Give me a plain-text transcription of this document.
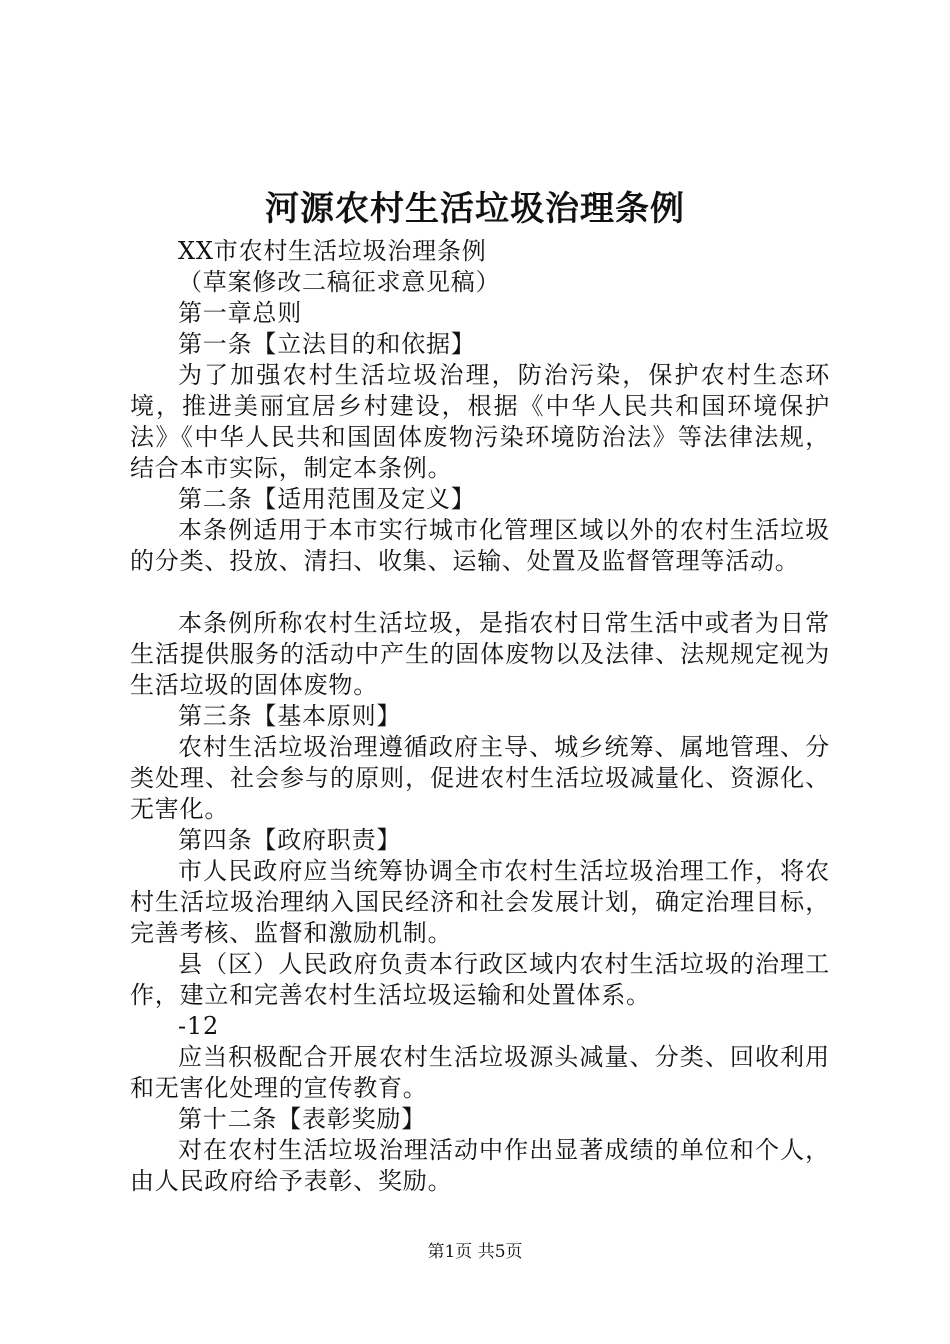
河源农村生活垃圾治理条例

XX市农村生活垃圾治理条例

（草案修改二稿征求意见稿）

第一章总则

第一条【立法目的和依据】

为了加强农村生活垃圾治理，防治污染，保护农村生态环境，推进美丽宜居乡村建设，根据《中华人民共和国环境保护法》《中华人民共和国固体废物污染环境防治法》等法律法规，结合本市实际，制定本条例。

第二条【适用范围及定义】

本条例适用于本市实行城市化管理区域以外的农村生活垃圾的分类、投放、清扫、收集、运输、处置及监督管理等活动。

本条例所称农村生活垃圾，是指农村日常生活中或者为日常生活提供服务的活动中产生的固体废物以及法律、法规规定视为生活垃圾的固体废物。

第三条【基本原则】

农村生活垃圾治理遵循政府主导、城乡统筹、属地管理、分类处理、社会参与的原则，促进农村生活垃圾减量化、资源化、无害化。

第四条【政府职责】

市人民政府应当统筹协调全市农村生活垃圾治理工作，将农村生活垃圾治理纳入国民经济和社会发展计划，确定治理目标，完善考核、监督和激励机制。

县（区）人民政府负责本行政区域内农村生活垃圾的治理工作，建立和完善农村生活垃圾运输和处置体系。

-12

应当积极配合开展农村生活垃圾源头减量、分类、回收利用和无害化处理的宣传教育。

第十二条【表彰奖励】

对在农村生活垃圾治理活动中作出显著成绩的单位和个人，由人民政府给予表彰、奖励。

第1页 共5页
